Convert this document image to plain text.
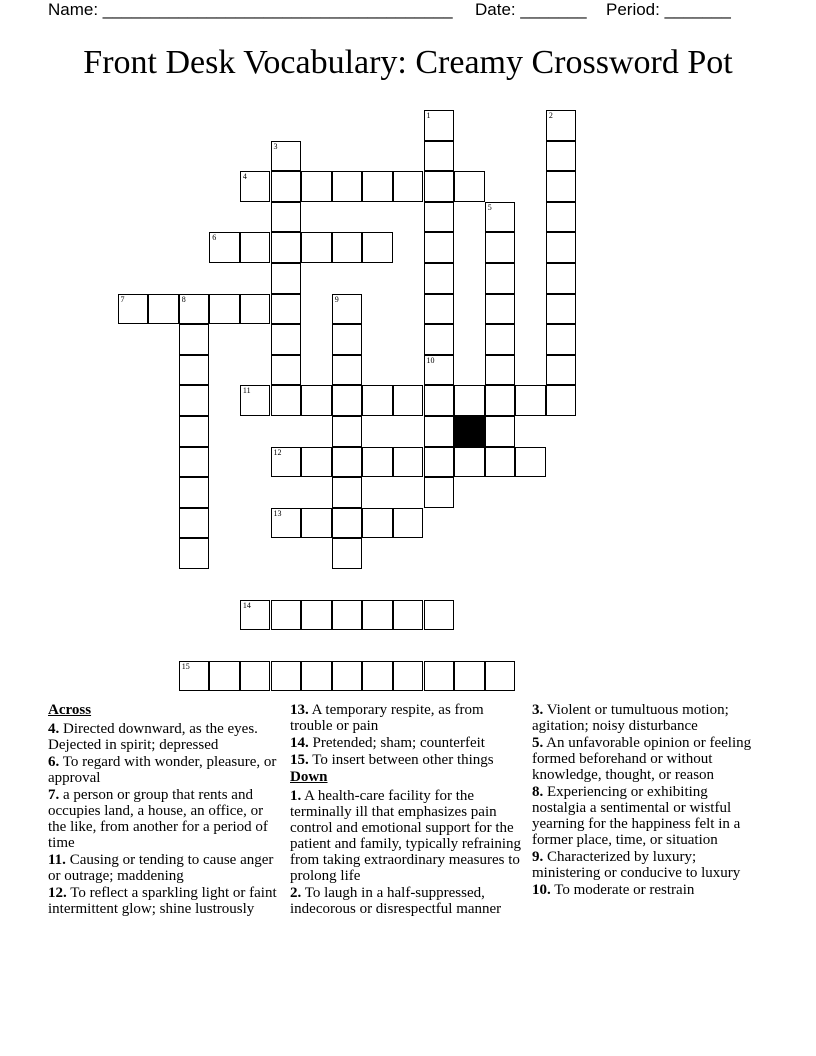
Name: _____________________________________ Date: _______ Period: _______
Front Desk Vocabulary: Creamy Crossword Pot
1	2
3
4
5
6
7	8	9
10
11
12
13
14
15
Across
4. Directed downward, as the eyes. Dejected in spirit; depressed
6. To regard with wonder, pleasure, or approval
7. a person or group that rents and occupies land, a house, an office, or the like, from another for a period of time
11. Causing or tending to cause anger or outrage; maddening
12. To reflect a sparkling light or faint intermittent glow; shine lustrously
13. A temporary respite, as from trouble or pain
14. Pretended; sham; counterfeit
15. To insert between other things
Down
1. A health-care facility for the terminally ill that emphasizes pain control and emotional support for the patient and family, typically refraining from taking extraordinary measures to prolong life
2. To laugh in a half-suppressed, indecorous or disrespectful manner
3. Violent or tumultuous motion; agitation; noisy disturbance
5. An unfavorable opinion or feeling formed beforehand or without knowledge, thought, or reason
8. Experiencing or exhibiting nostalgia a sentimental or wistful yearning for the happiness felt in a former place, time, or situation
9. Characterized by luxury; ministering or conducive to luxury
10. To moderate or restrain
